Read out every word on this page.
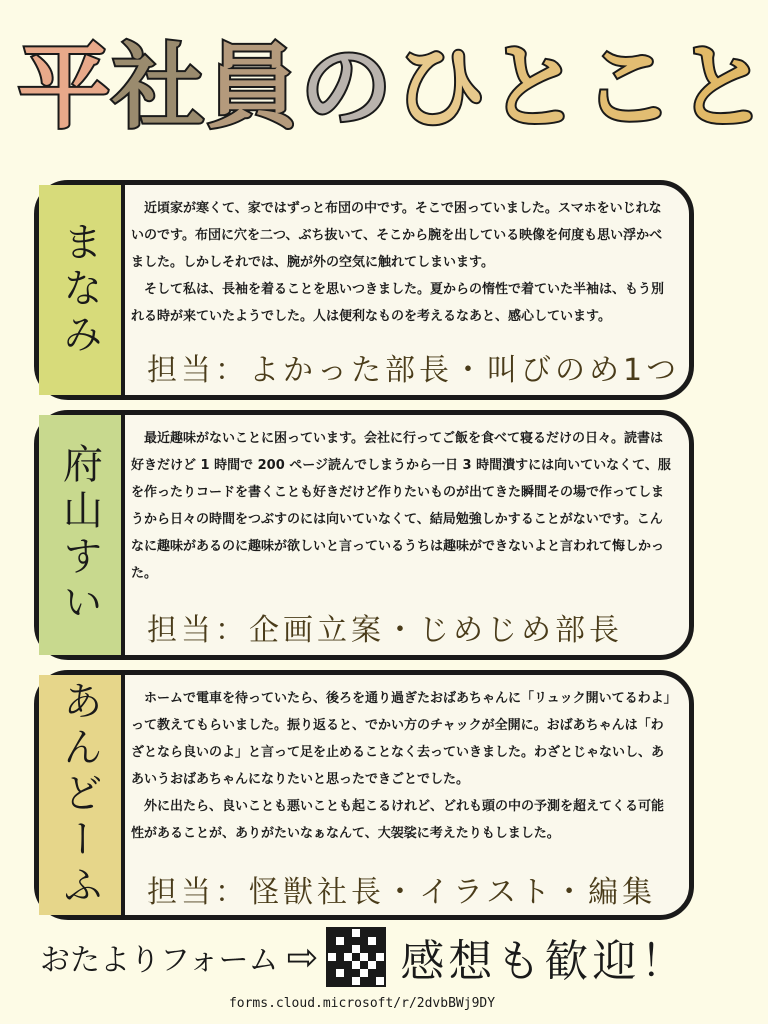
平 社 員 の ひ と こ と
まなみ

近頃家が寒くて、家ではずっと布団の中です。そこで困っていました。スマホをいじれないのです。布団に穴を二つ、ぶち抜いて、そこから腕を出している映像を何度も思い浮かべました。しかしそれでは、腕が外の空気に触れてしまいます。

そして私は、長袖を着ることを思いつきました。夏からの惰性で着ていた半袖は、もう別れる時が来ていたようでした。人は便利なものを考えるなあと、感心しています。

担当：よかった部長・叫びのめ1つ
府山すい

最近趣味がないことに困っています。会社に行ってご飯を食べて寝るだけの日々。読書は好きだけど 1 時間で 200 ページ読んでしまうから一日 3 時間潰すには向いていなくて、服を作ったりコードを書くことも好きだけど作りたいものが出てきた瞬間その場で作ってしまうから日々の時間をつぶすのには向いていなくて、結局勉強しかすることがないです。こんなに趣味があるのに趣味が欲しいと言っているうちは趣味ができないよと言われて悔しかった。

担当：企画立案・じめじめ部長
あんどーふ	ホームで電車を待っていたら、後ろを通り過ぎたおばあちゃんに「リュック開いてるわよ」って教えてもらいました。振り返ると、でかい方のチャックが全開に。おばあちゃんは「わざとなら良いのよ」と言って足を止めることなく去っていきました。わざとじゃないし、ああいうおばあちゃんになりたいと思ったできごとでした。

外に出たら、良いことも悪いことも起こるけれど、どれも頭の中の予測を超えてくる可能性があることが、ありがたいなぁなんて、大袈裟に考えたりもしました。

担当：怪獣社長・イラスト・編集
おたよりフォーム ⇨ 感想も歓迎！
forms.cloud.microsoft/r/2dvbBWj9DY
